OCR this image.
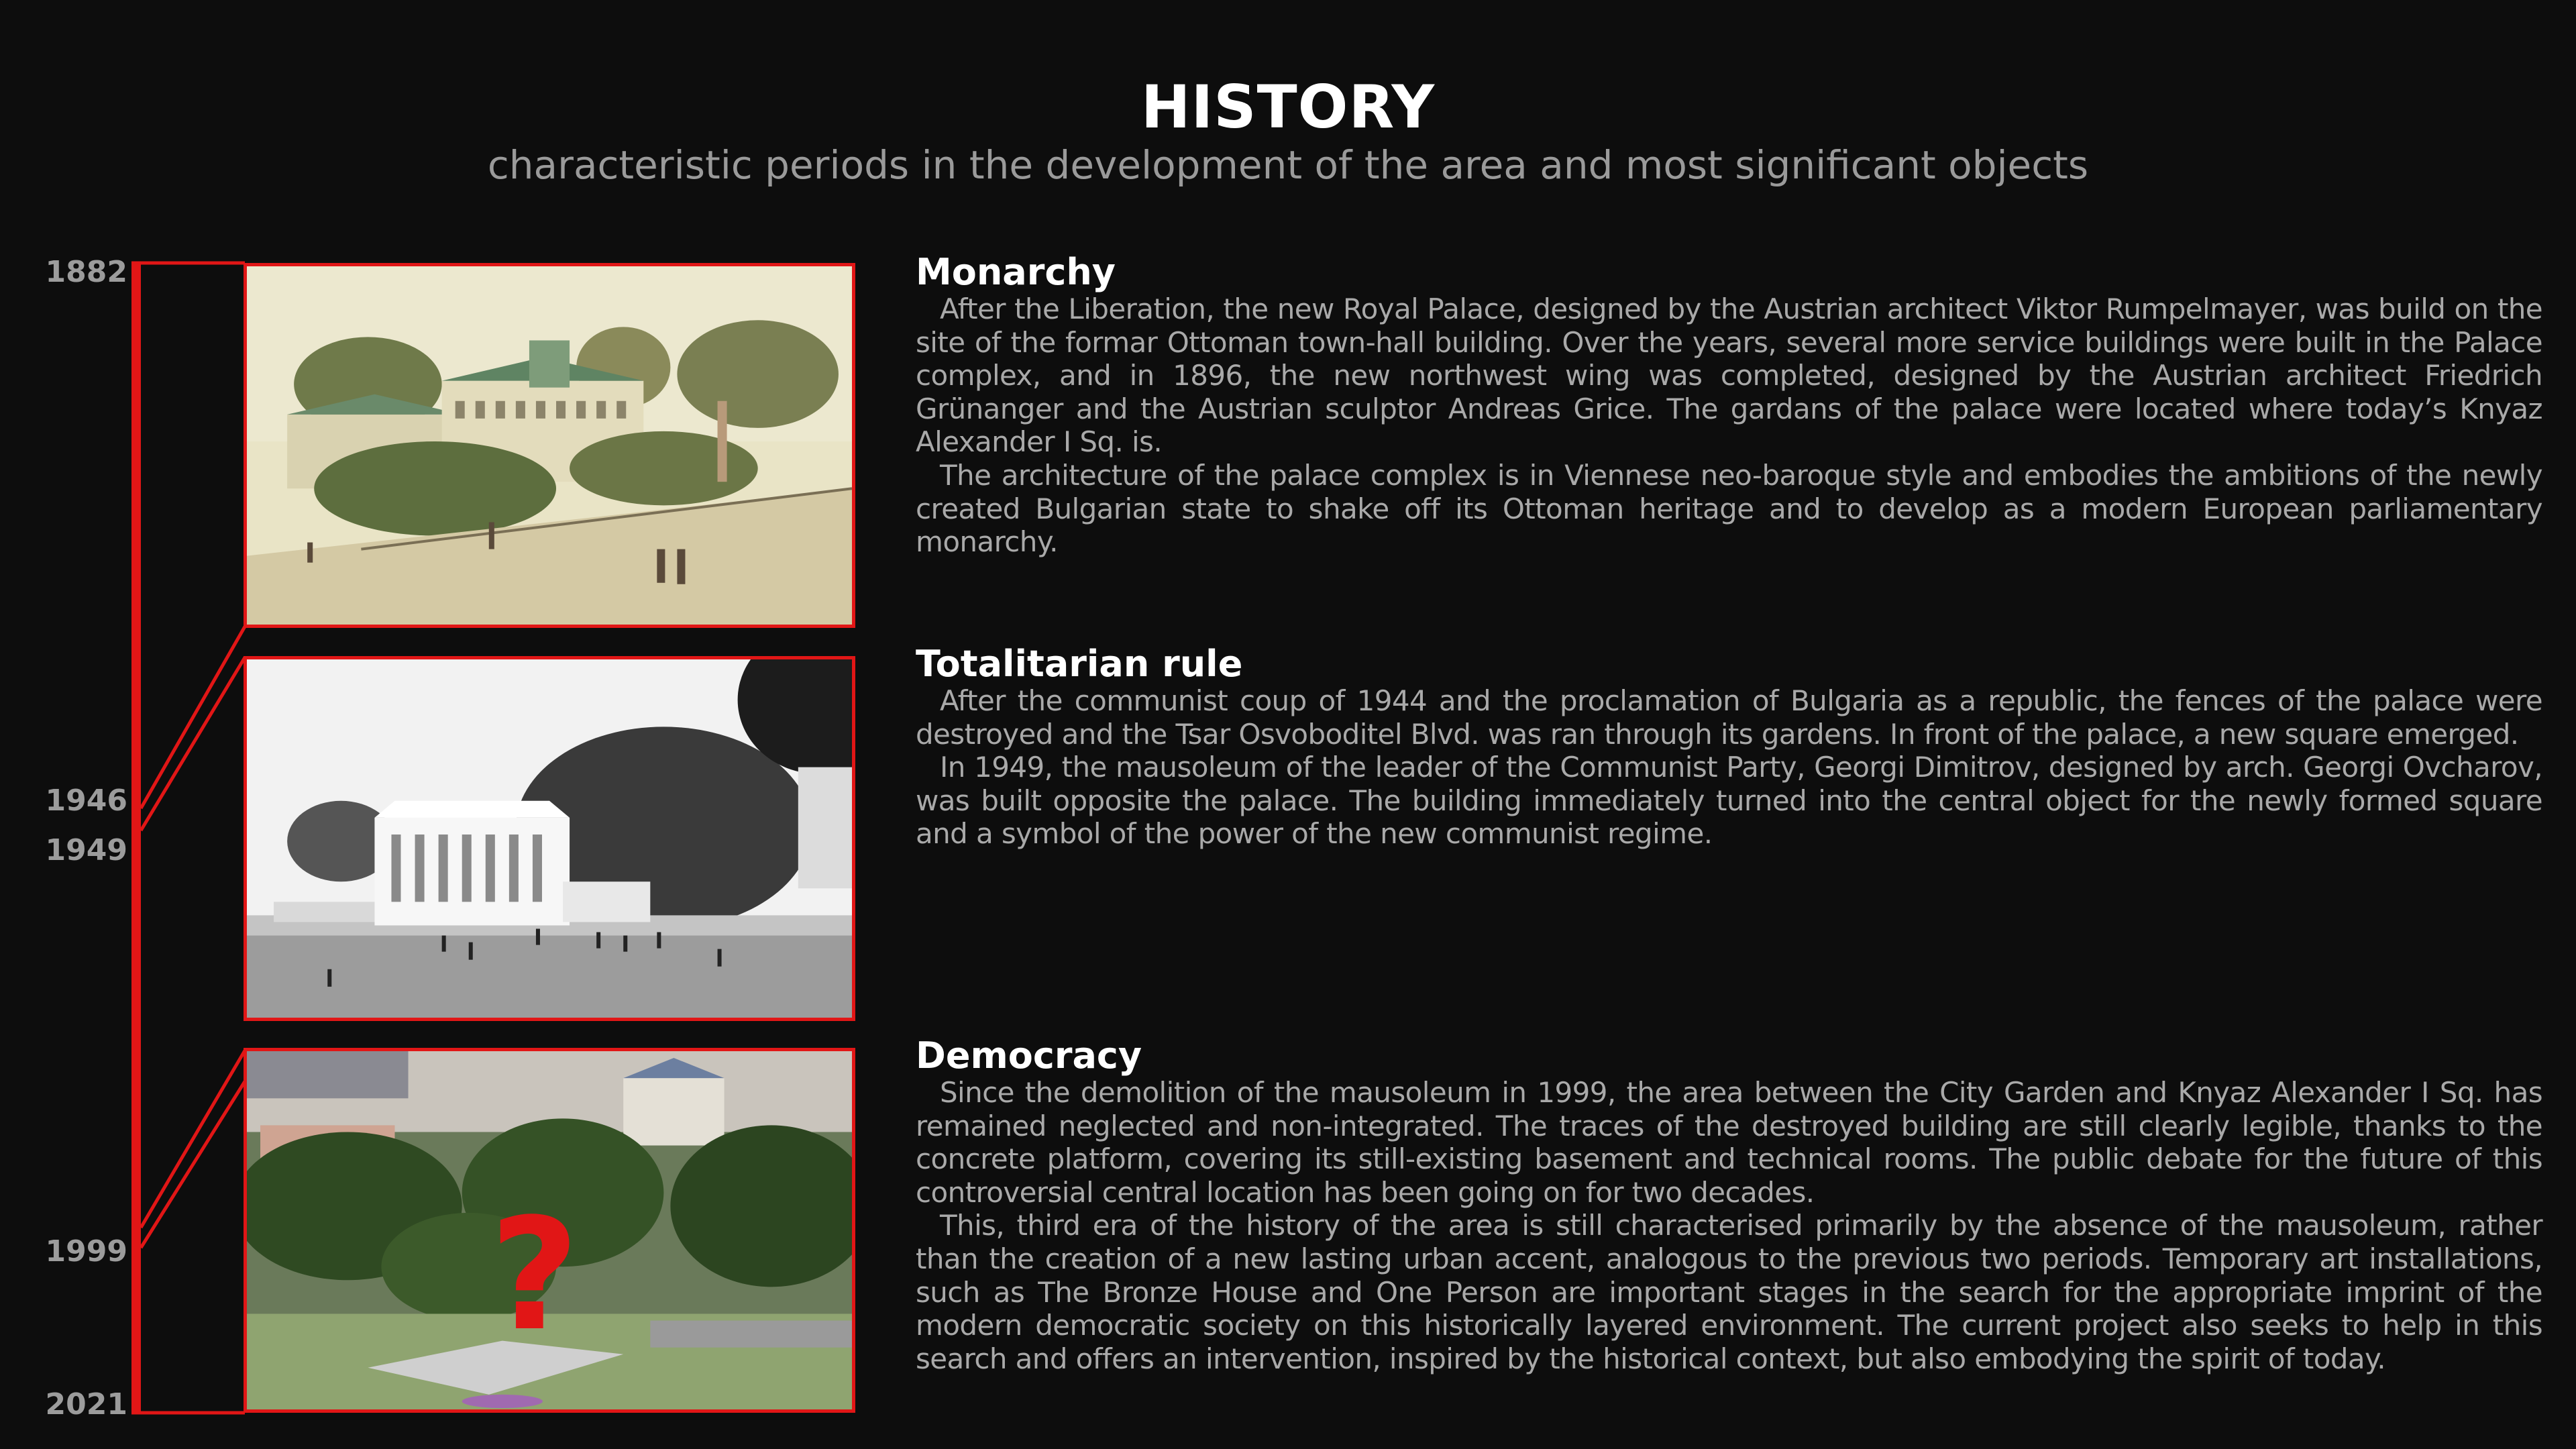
HISTORY
characteristic periods in the development of the area and most significant objects
1882
1946
1949
1999
2021
?
Monarchy

After the Liberation, the new Royal Palace, designed by the Austrian architect Viktor Rumpelmayer, was build on the site of the formar Ottoman town-hall building. Over the years, several more service buildings were built in the Palace complex, and in 1896, the new northwest wing was completed, designed by the Austrian architect Friedrich Grünanger and the Austrian sculptor Andreas Grice. The gardans of the palace were located where today’s Knyaz Alexander I Sq. is.

The architecture of the palace complex is in Viennese neo-baroque style and embodies the ambitions of the newly created Bulgarian state to shake off its Ottoman heritage and to develop as a modern European parliamentary monarchy.

Totalitarian rule

After the communist coup of 1944 and the proclamation of Bulgaria as a republic, the fences of the palace were destroyed and the Tsar Osvoboditel Blvd. was ran through its gardens. In front of the palace, a new square emerged.

In 1949, the mausoleum of the leader of the Communist Party, Georgi Dimitrov, designed by arch. Georgi Ovcharov, was built opposite the palace. The building immediately turned into the central object for the newly formed square and a symbol of the power of the new communist regime.

Democracy

Since the demolition of the mausoleum in 1999, the area between the City Garden and Knyaz Alexander I Sq. has remained neglected and non-integrated. The traces of the destroyed building are still clearly legible, thanks to the concrete platform, covering its still-existing basement and technical rooms. The public debate for the future of this controversial central location has been going on for two decades.

This, third era of the history of the area is still characterised primarily by the absence of the mausoleum, rather than the creation of a new lasting urban accent, analogous to the previous two periods. Temporary art installations, such as The Bronze House and One Person are important stages in the search for the appropriate imprint of the modern democratic society on this historically layered environment. The current project also seeks to help in this search and offers an intervention, inspired by the historical context, but also embodying the spirit of today.
